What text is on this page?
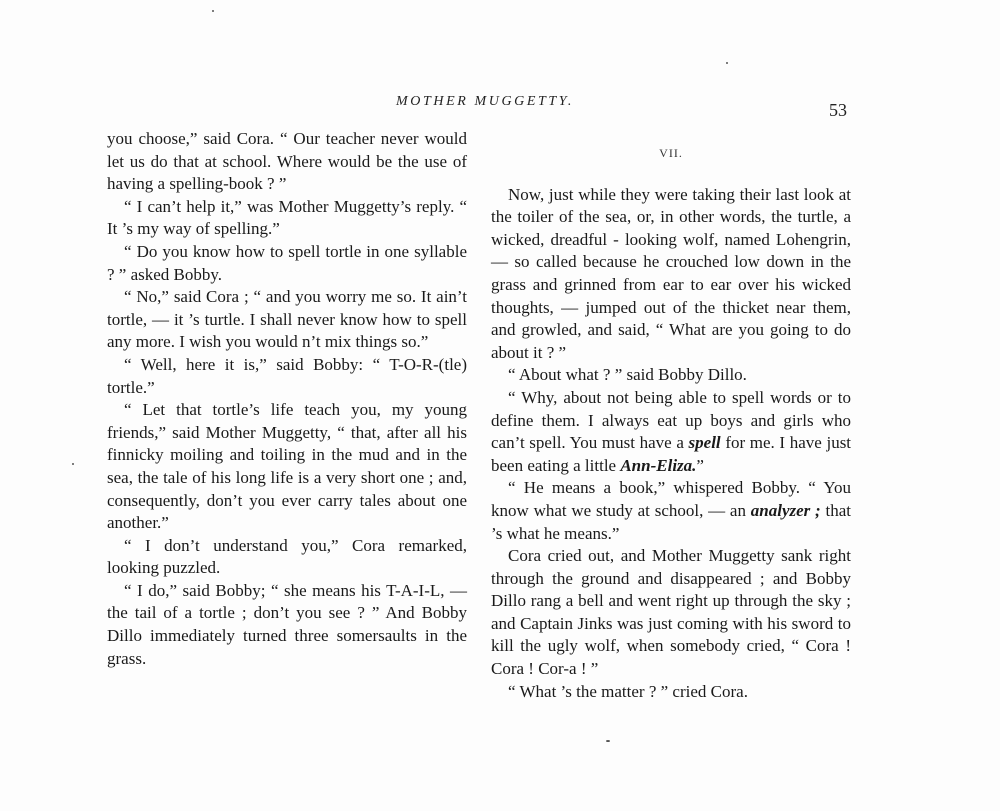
MOTHER MUGGETTY.	53

you choose,” said Cora. “ Our teacher never would let us do that at school. Where would be the use of having a spelling-book ? ”

“ I can’t help it,” was Mother Muggetty’s reply. “ It ’s my way of spelling.”

“ Do you know how to spell tortle in one syllable ? ” asked Bobby.

“ No,” said Cora ; “ and you worry me so. It ain’t tortle, — it ’s turtle. I shall never know how to spell any more. I wish you would n’t mix things so.”

“ Well, here it is,” said Bobby: “ T-O-R-(tle) tortle.”

“ Let that tortle’s life teach you, my young friends,” said Mother Muggetty, “ that, after all his finnicky moiling and toiling in the mud and in the sea, the tale of his long life is a very short one ; and, consequently, don’t you ever carry tales about one another.”

“ I don’t understand you,” Cora remarked, looking puzzled.

“ I do,” said Bobby; “ she means his T-A-I-L, — the tail of a tortle ; don’t you see ? ” And Bobby Dillo immediately turned three somersaults in the grass.

VII.

Now, just while they were taking their last look at the toiler of the sea, or, in other words, the turtle, a wicked, dreadful - looking wolf, named Lohengrin, — so called because he crouched low down in the grass and grinned from ear to ear over his wicked thoughts, — jumped out of the thicket near them, and growled, and said, “ What are you going to do about it ? ”

“ About what ? ” said Bobby Dillo.

“ Why, about not being able to spell words or to define them. I always eat up boys and girls who can’t spell. You must have a spell for me. I have just been eating a little Ann-Eliza.”

“ He means a book,” whispered Bobby. “ You know what we study at school, — an analyzer ; that ’s what he means.”

Cora cried out, and Mother Muggetty sank right through the ground and disappeared ; and Bobby Dillo rang a bell and went right up through the sky ; and Captain Jinks was just coming with his sword to kill the ugly wolf, when somebody cried, “ Cora ! Cora ! Cor-a ! ”

“ What ’s the matter ? ” cried Cora.
